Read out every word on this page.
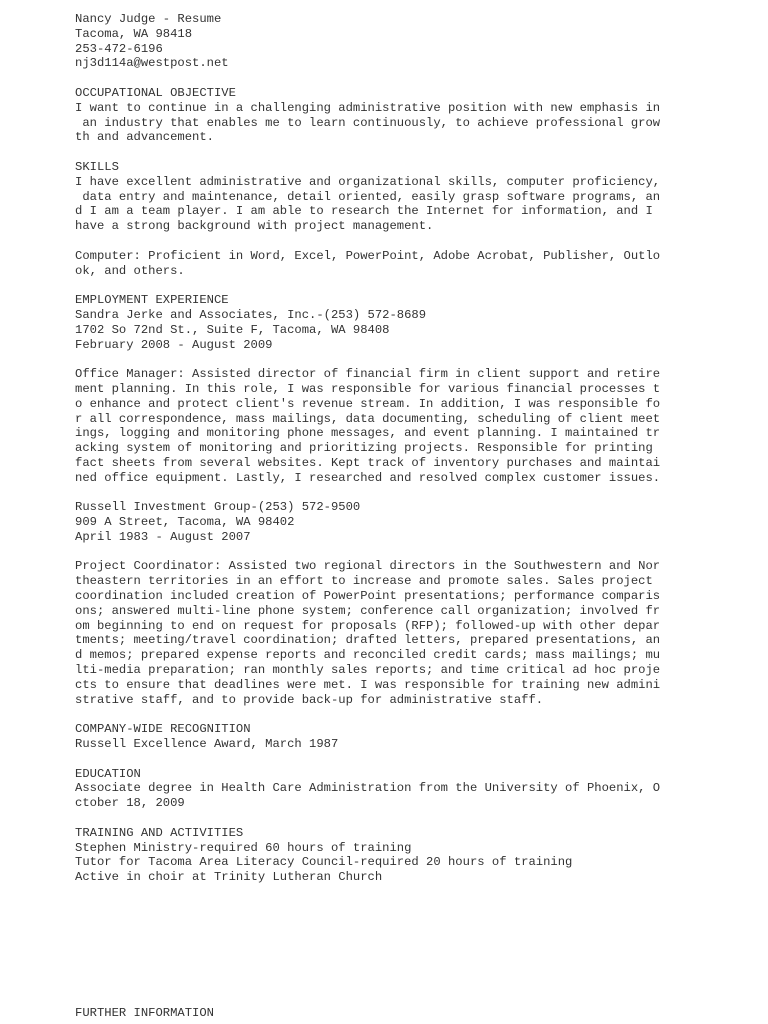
Nancy Judge - Resume
Tacoma, WA 98418
253-472-6196
nj3d114a@westpost.net
OCCUPATIONAL OBJECTIVE
I want to continue in a challenging administrative position with new emphasis in
an industry that enables me to learn continuously, to achieve professional grow
th and advancement.
SKILLS
I have excellent administrative and organizational skills, computer proficiency,
data entry and maintenance, detail oriented, easily grasp software programs, an
d I am a team player. I am able to research the Internet for information, and I
have a strong background with project management.
Computer: Proficient in Word, Excel, PowerPoint, Adobe Acrobat, Publisher, Outlo
ok, and others.
EMPLOYMENT EXPERIENCE
Sandra Jerke and Associates, Inc.-(253) 572-8689
1702 So 72nd St., Suite F, Tacoma, WA 98408
February 2008 - August 2009
Office Manager: Assisted director of financial firm in client support and retire
ment planning. In this role, I was responsible for various financial processes t
o enhance and protect client's revenue stream. In addition, I was responsible fo
r all correspondence, mass mailings, data documenting, scheduling of client meet
ings, logging and monitoring phone messages, and event planning. I maintained tr
acking system of monitoring and prioritizing projects. Responsible for printing
fact sheets from several websites. Kept track of inventory purchases and maintai
ned office equipment. Lastly, I researched and resolved complex customer issues.
Russell Investment Group-(253) 572-9500
909 A Street, Tacoma, WA 98402
April 1983 - August 2007
Project Coordinator: Assisted two regional directors in the Southwestern and Nor
theastern territories in an effort to increase and promote sales. Sales project
coordination included creation of PowerPoint presentations; performance comparis
ons; answered multi-line phone system; conference call organization; involved fr
om beginning to end on request for proposals (RFP); followed-up with other depar
tments; meeting/travel coordination; drafted letters, prepared presentations, an
d memos; prepared expense reports and reconciled credit cards; mass mailings; mu
lti-media preparation; ran monthly sales reports; and time critical ad hoc proje
cts to ensure that deadlines were met. I was responsible for training new admini
strative staff, and to provide back-up for administrative staff.
COMPANY-WIDE RECOGNITION
Russell Excellence Award, March 1987
EDUCATION
Associate degree in Health Care Administration from the University of Phoenix, O
ctober 18, 2009
TRAINING AND ACTIVITIES
Stephen Ministry-required 60 hours of training
Tutor for Tacoma Area Literacy Council-required 20 hours of training
Active in choir at Trinity Lutheran Church
FURTHER INFORMATION
